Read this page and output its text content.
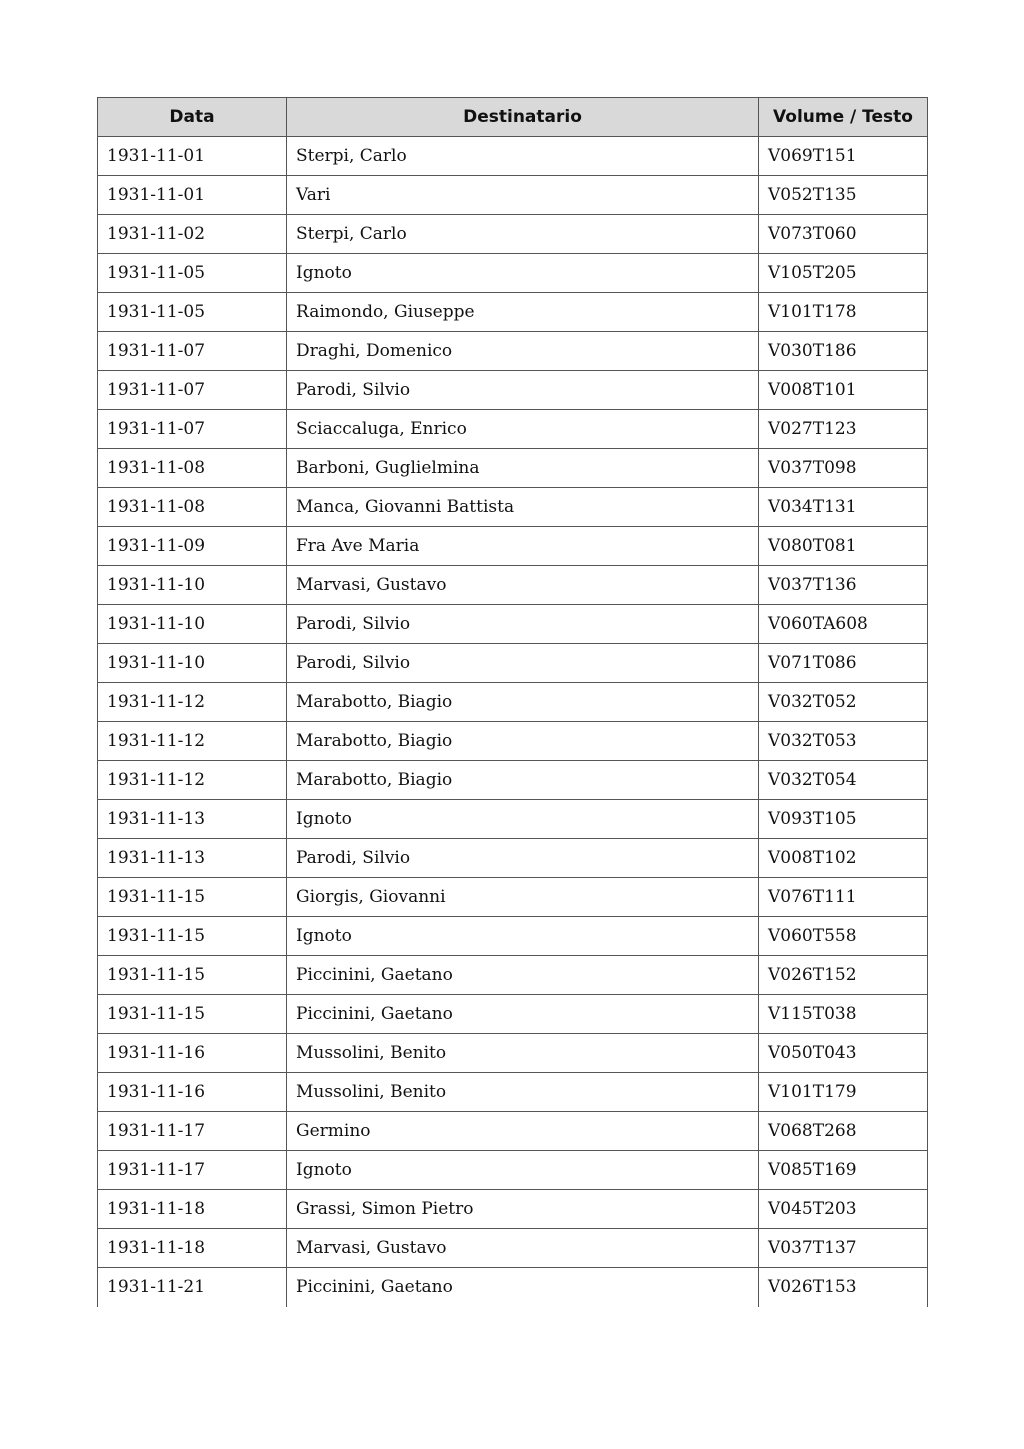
Data	Destinatario	Volume / Testo
1931-11-01	Sterpi, Carlo	V069T151
1931-11-01	Vari	V052T135
1931-11-02	Sterpi, Carlo	V073T060
1931-11-05	Ignoto	V105T205
1931-11-05	Raimondo, Giuseppe	V101T178
1931-11-07	Draghi, Domenico	V030T186
1931-11-07	Parodi, Silvio	V008T101
1931-11-07	Sciaccaluga, Enrico	V027T123
1931-11-08	Barboni, Guglielmina	V037T098
1931-11-08	Manca, Giovanni Battista	V034T131
1931-11-09	Fra Ave Maria	V080T081
1931-11-10	Marvasi, Gustavo	V037T136
1931-11-10	Parodi, Silvio	V060TA608
1931-11-10	Parodi, Silvio	V071T086
1931-11-12	Marabotto, Biagio	V032T052
1931-11-12	Marabotto, Biagio	V032T053
1931-11-12	Marabotto, Biagio	V032T054
1931-11-13	Ignoto	V093T105
1931-11-13	Parodi, Silvio	V008T102
1931-11-15	Giorgis, Giovanni	V076T111
1931-11-15	Ignoto	V060T558
1931-11-15	Piccinini, Gaetano	V026T152
1931-11-15	Piccinini, Gaetano	V115T038
1931-11-16	Mussolini, Benito	V050T043
1931-11-16	Mussolini, Benito	V101T179
1931-11-17	Germino	V068T268
1931-11-17	Ignoto	V085T169
1931-11-18	Grassi, Simon Pietro	V045T203
1931-11-18	Marvasi, Gustavo	V037T137
1931-11-21	Piccinini, Gaetano	V026T153
